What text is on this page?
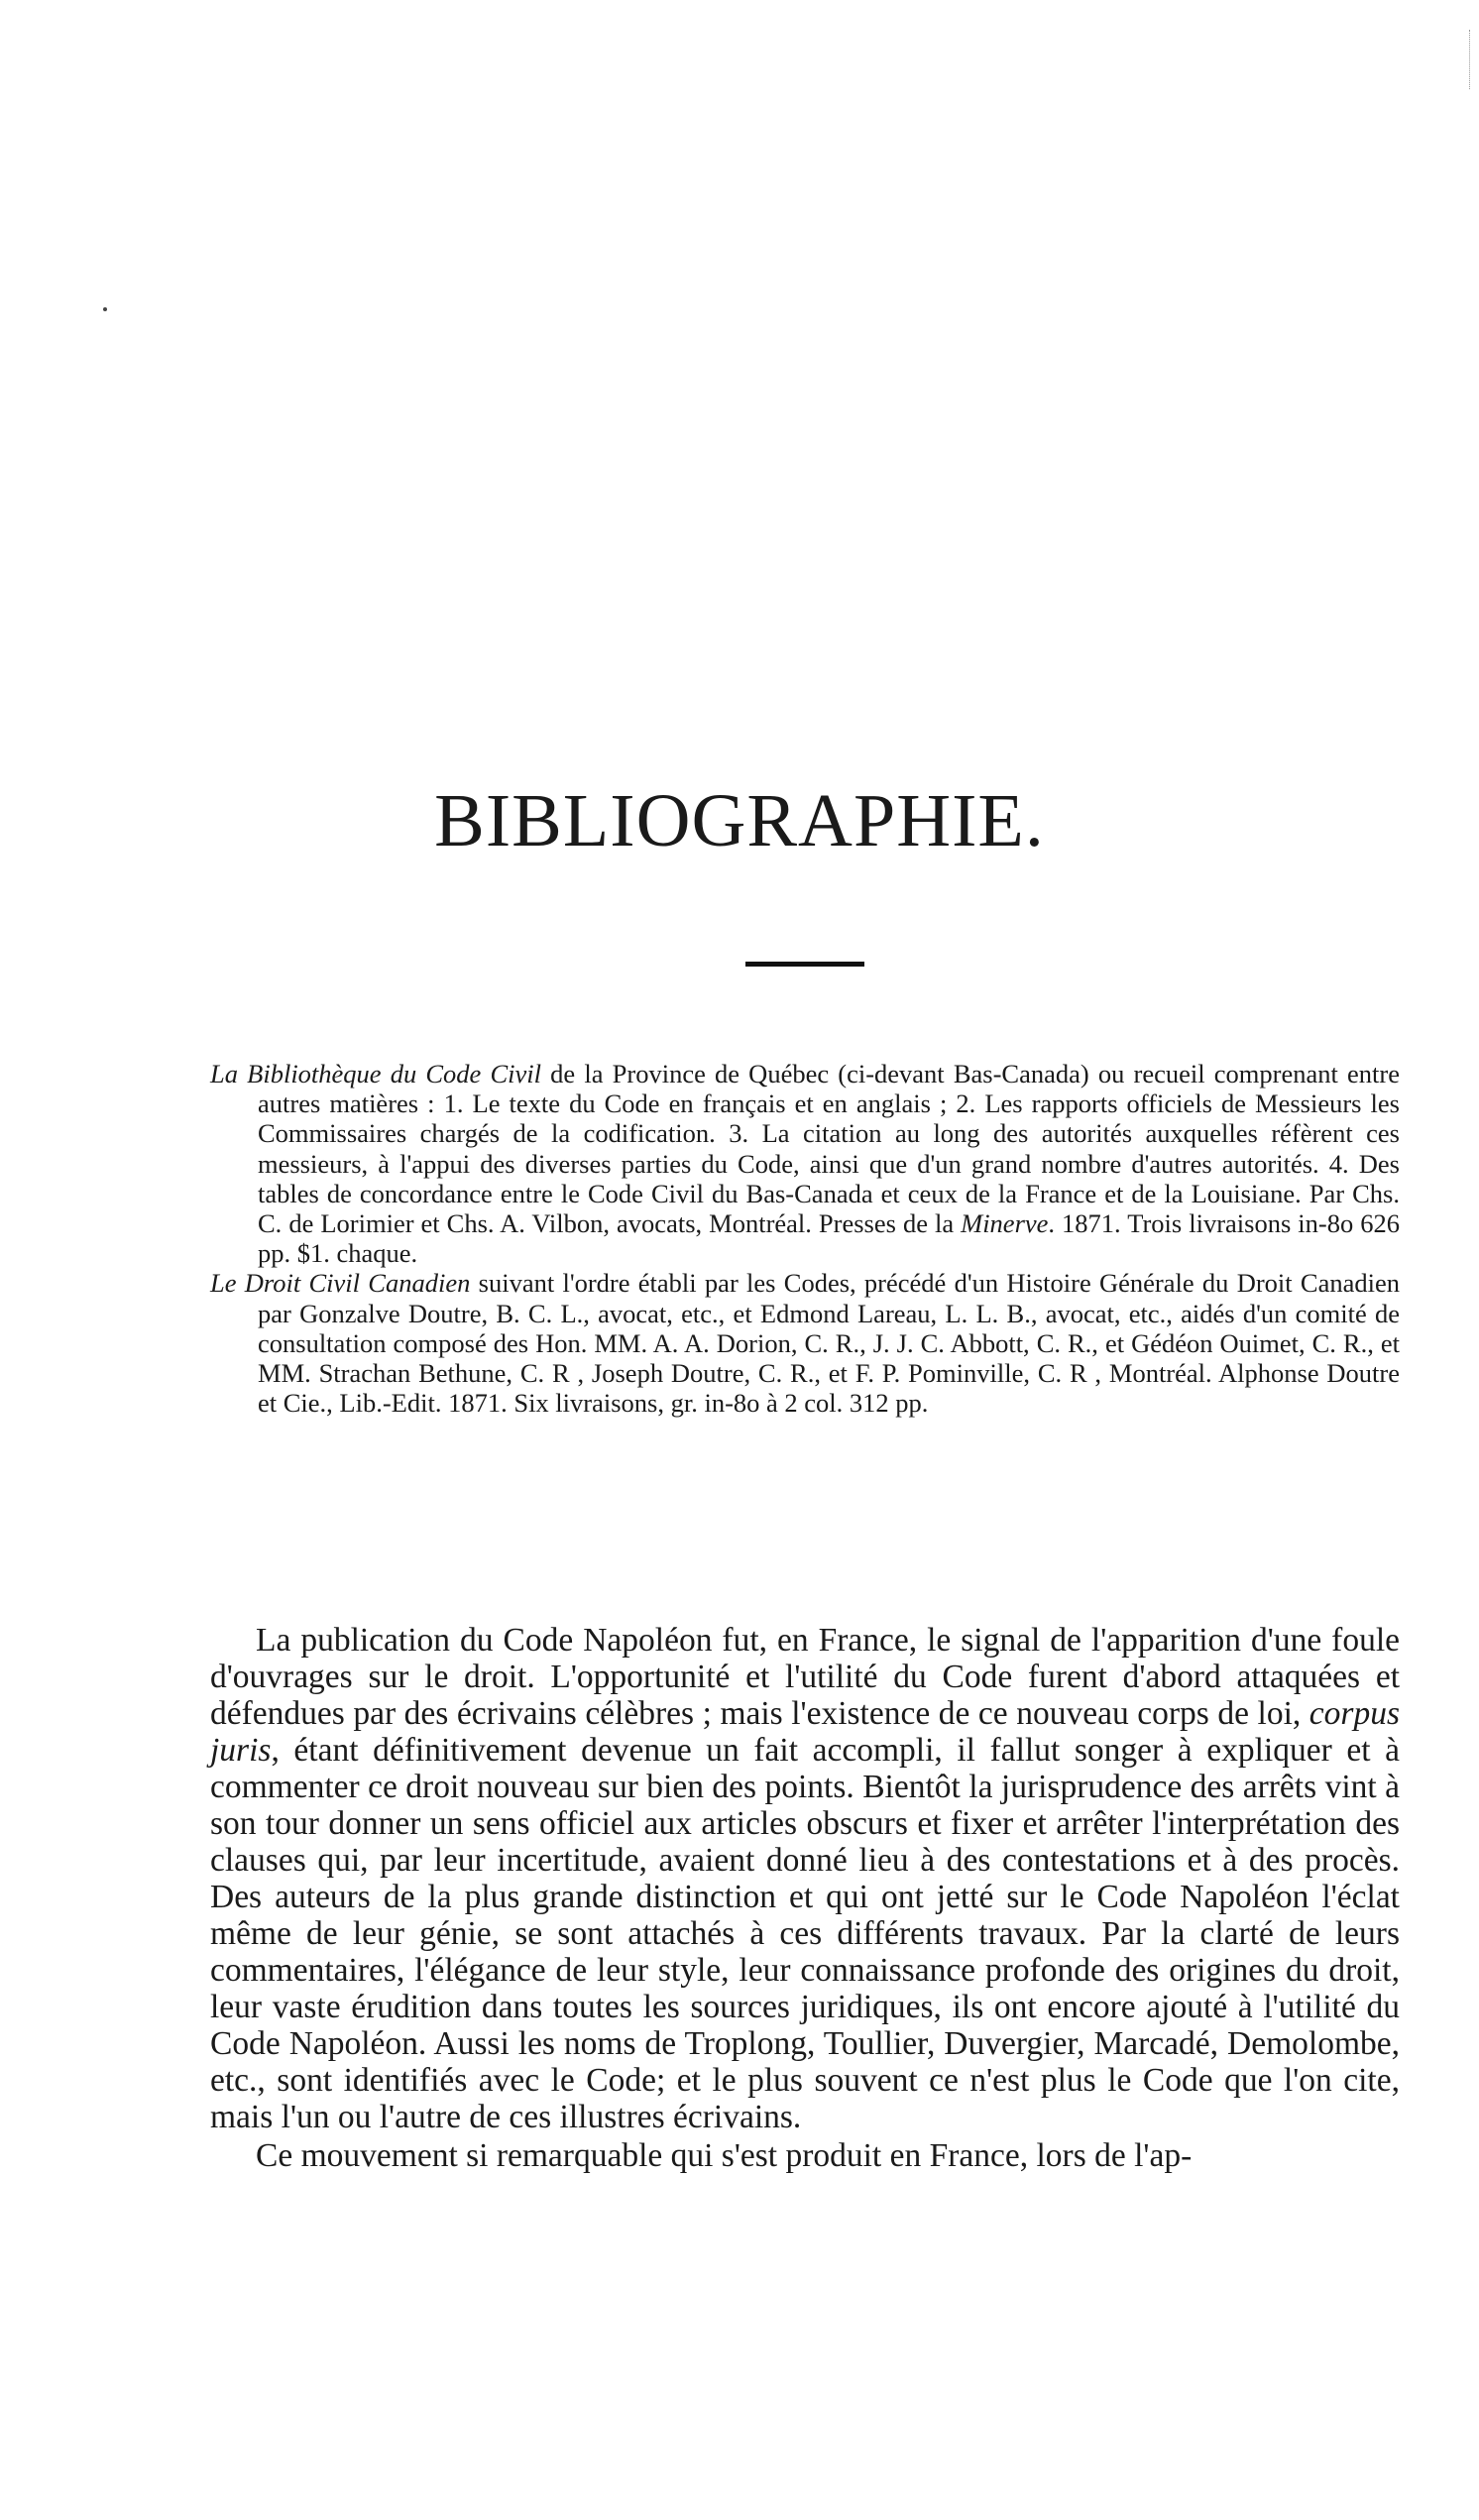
BIBLIOGRAPHIE.

La Bibliothèque du Code Civil de la Province de Québec (ci-devant Bas-Canada) ou recueil comprenant entre autres matières : 1. Le texte du Code en français et en anglais ; 2. Les rapports officiels de Messieurs les Commissaires chargés de la codification. 3. La citation au long des autorités auxquelles réfèrent ces messieurs, à l'appui des diverses parties du Code, ainsi que d'un grand nombre d'autres autorités. 4. Des tables de concordance entre le Code Civil du Bas-Canada et ceux de la France et de la Louisiane. Par Chs. C. de Lorimier et Chs. A. Vilbon, avocats, Montréal. Presses de la Minerve. 1871. Trois livraisons in-8o 626 pp. $1. chaque.

Le Droit Civil Canadien suivant l'ordre établi par les Codes, précédé d'un Histoire Générale du Droit Canadien par Gonzalve Doutre, B. C. L., avocat, etc., et Edmond Lareau, L. L. B., avocat, etc., aidés d'un comité de consultation composé des Hon. MM. A. A. Dorion, C. R., J. J. C. Abbott, C. R., et Gédéon Ouimet, C. R., et MM. Strachan Bethune, C. R , Joseph Doutre, C. R., et F. P. Pominville, C. R , Montréal. Alphonse Doutre et Cie., Lib.-Edit. 1871. Six livraisons, gr. in-8o à 2 col. 312 pp.

La publication du Code Napoléon fut, en France, le signal de l'apparition d'une foule d'ouvrages sur le droit. L'opportunité et l'utilité du Code furent d'abord attaquées et défendues par des écrivains célèbres ; mais l'existence de ce nouveau corps de loi, corpus juris, étant définitivement devenue un fait accompli, il fallut songer à expliquer et à commenter ce droit nouveau sur bien des points. Bientôt la jurisprudence des arrêts vint à son tour donner un sens officiel aux articles obscurs et fixer et arrêter l'interprétation des clauses qui, par leur incertitude, avaient donné lieu à des contestations et à des procès. Des auteurs de la plus grande distinction et qui ont jetté sur le Code Napoléon l'éclat même de leur génie, se sont attachés à ces différents travaux. Par la clarté de leurs commentaires, l'élégance de leur style, leur connaissance profonde des origines du droit, leur vaste érudition dans toutes les sources juridiques, ils ont encore ajouté à l'utilité du Code Napoléon. Aussi les noms de Troplong, Toullier, Duvergier, Marcadé, Demolombe, etc., sont identifiés avec le Code; et le plus souvent ce n'est plus le Code que l'on cite, mais l'un ou l'autre de ces illustres écrivains.

Ce mouvement si remarquable qui s'est produit en France, lors de l'ap-
